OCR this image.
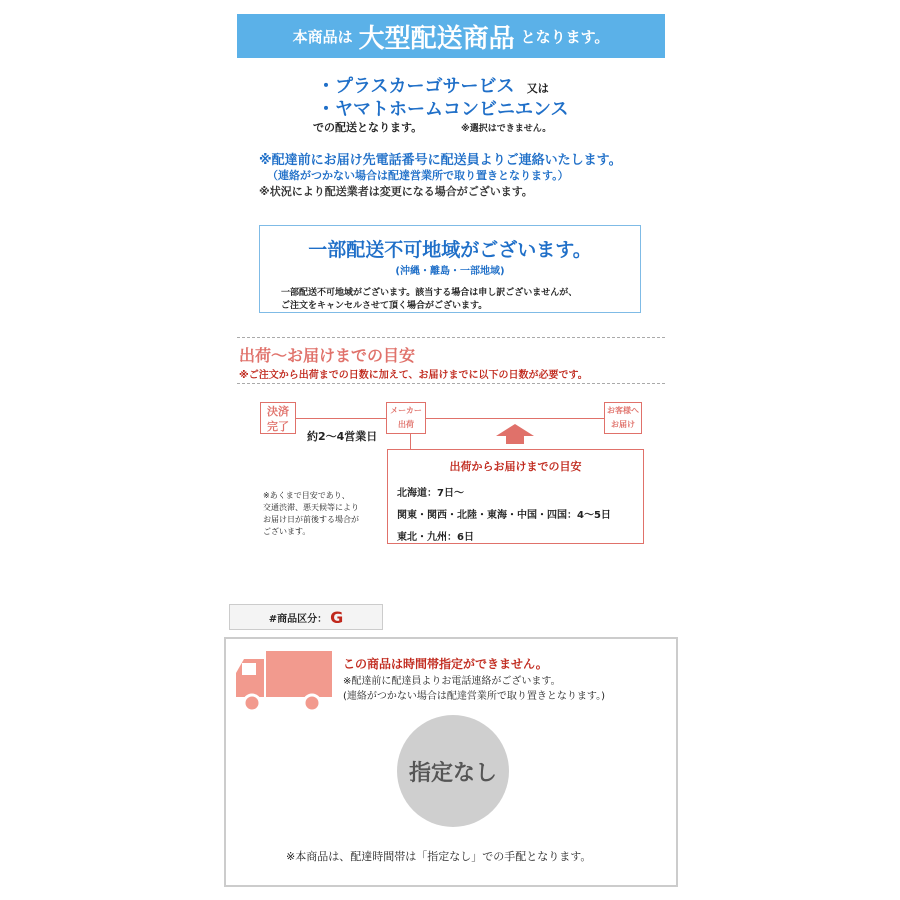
本商品は 大型配送商品 となります。
・プラスカーゴサービス 又は
・ヤマトホームコンビニエンス
での配送となります。	※選択はできません。
※配達前にお届け先電話番号に配送員よりご連絡いたします。
（連絡がつかない場合は配達営業所で取り置きとなります。）
※状況により配送業者は変更になる場合がございます。
一部配送不可地域がございます。
(沖縄・離島・一部地域)
一部配送不可地域がございます。該当する場合は申し訳ございませんが、
ご注文をキャンセルさせて頂く場合がございます。
出荷〜お届けまでの目安
※ご注文から出荷までの日数に加えて、お届けまでに以下の日数が必要です。
決済
完了
メーカー
出荷
お客様へ
お届け
約2〜4営業日
※あくまで目安であり、
交通渋滞、悪天候等により
お届け日が前後する場合が
ございます。
出荷からお届けまでの目安
北海道：7日〜
関東・関西・北陸・東海・中国・四国：4〜5日
東北・九州：6日
#商品区分： G
この商品は時間帯指定ができません。
※配達前に配達員よりお電話連絡がございます。
(連絡がつかない場合は配達営業所で取り置きとなります。)
※本商品は、配達時間帯は「指定なし」での手配となります。
指定なし
